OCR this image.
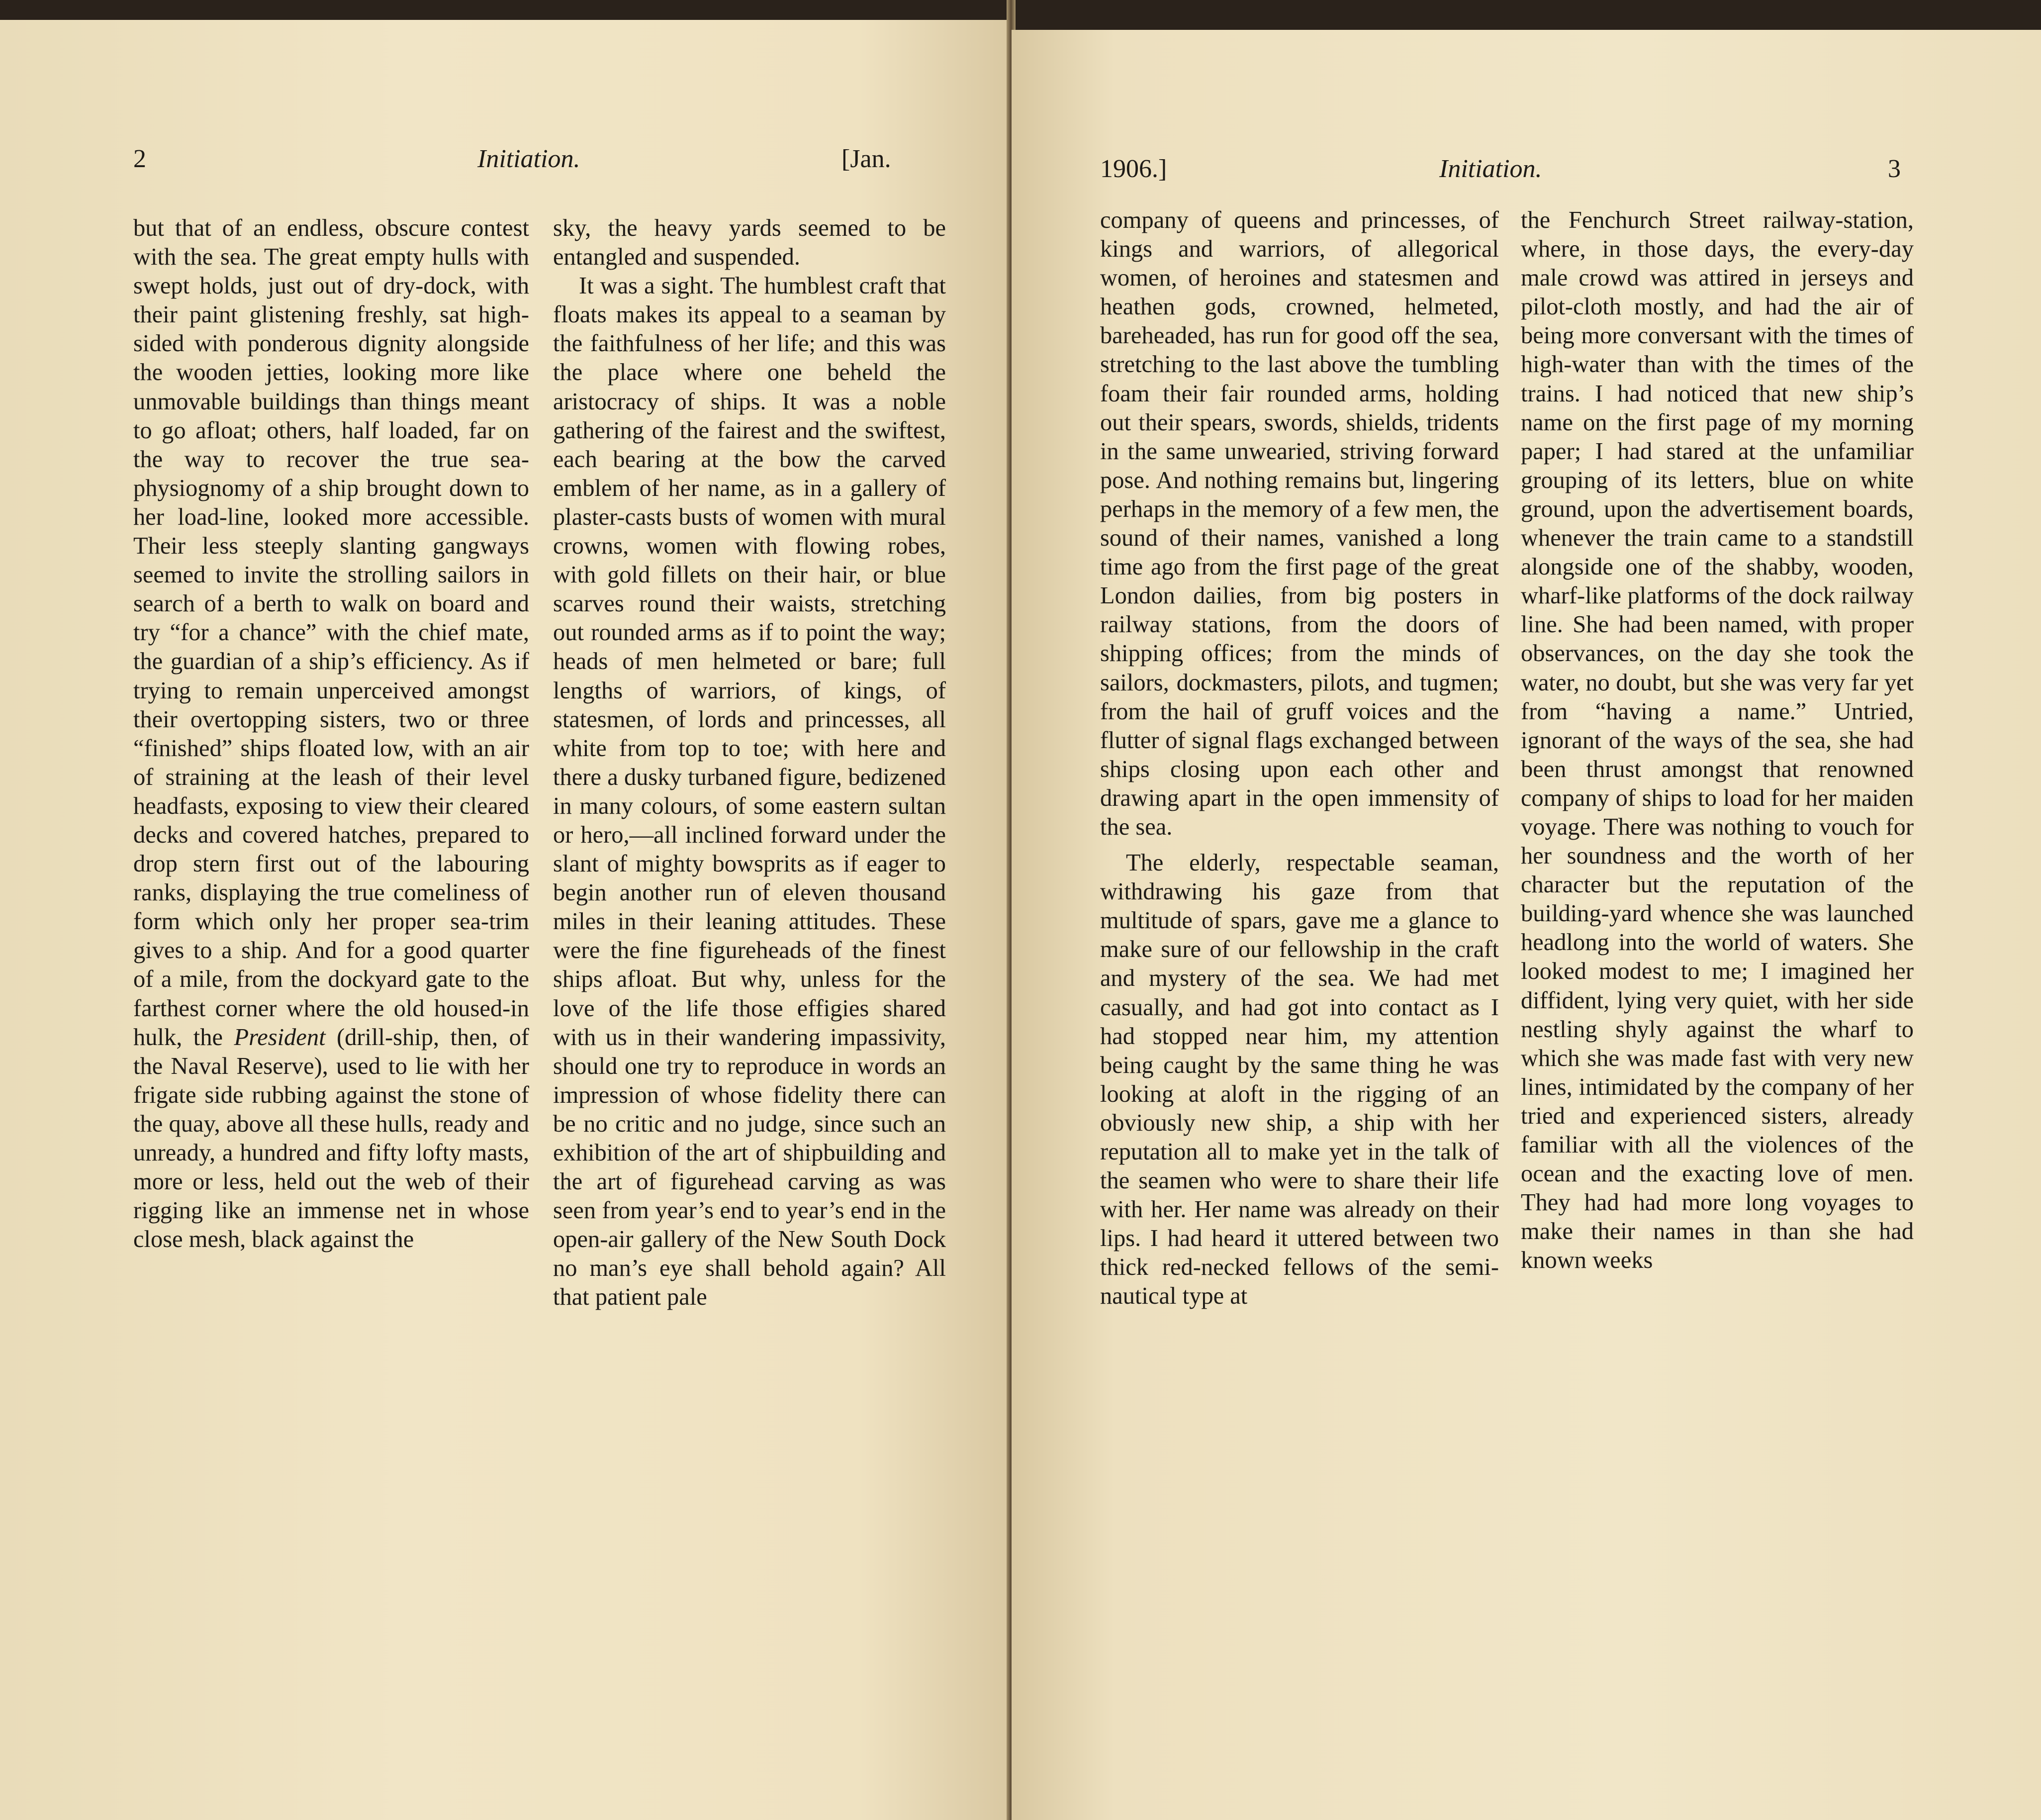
2	Initiation.	[Jan.

but that of an endless, obscure contest with the sea. The great empty hulls with swept holds, just out of dry-dock, with their paint glistening freshly, sat high-sided with ponderous dignity alongside the wooden jetties, looking more like unmovable buildings than things meant to go afloat; others, half loaded, far on the way to recover the true sea-physiognomy of a ship brought down to her load-line, looked more accessible. Their less steeply slanting gangways seemed to invite the strolling sailors in search of a berth to walk on board and try “for a chance” with the chief mate, the guardian of a ship’s efficiency. As if trying to remain unperceived amongst their overtopping sisters, two or three “finished” ships floated low, with an air of straining at the leash of their level headfasts, exposing to view their cleared decks and covered hatches, prepared to drop stern first out of the labouring ranks, displaying the true comeliness of form which only her proper sea-trim gives to a ship. And for a good quarter of a mile, from the dockyard gate to the farthest corner where the old housed-in hulk, the President (drill-ship, then, of the Naval Reserve), used to lie with her frigate side rubbing against the stone of the quay, above all these hulls, ready and unready, a hundred and fifty lofty masts, more or less, held out the web of their rigging like an immense net in whose close mesh, black against the

sky, the heavy yards seemed to be entangled and suspended.

It was a sight. The humblest craft that floats makes its appeal to a seaman by the faithfulness of her life; and this was the place where one beheld the aristocracy of ships. It was a noble gathering of the fairest and the swiftest, each bearing at the bow the carved emblem of her name, as in a gallery of plaster-casts busts of women with mural crowns, women with flowing robes, with gold fillets on their hair, or blue scarves round their waists, stretching out rounded arms as if to point the way; heads of men helmeted or bare; full lengths of warriors, of kings, of statesmen, of lords and princesses, all white from top to toe; with here and there a dusky turbaned figure, bedizened in many colours, of some eastern sultan or hero,—all inclined forward under the slant of mighty bowsprits as if eager to begin another run of eleven thousand miles in their leaning attitudes. These were the fine figureheads of the finest ships afloat. But why, unless for the love of the life those effigies shared with us in their wandering impassivity, should one try to reproduce in words an impression of whose fidelity there can be no critic and no judge, since such an exhibition of the art of shipbuilding and the art of figurehead carving as was seen from year’s end to year’s end in the open-air gallery of the New South Dock no man’s eye shall behold again? All that patient pale

1906.]	Initiation.	3

company of queens and princesses, of kings and warriors, of allegorical women, of heroines and statesmen and heathen gods, crowned, helmeted, bareheaded, has run for good off the sea, stretching to the last above the tumbling foam their fair rounded arms, holding out their spears, swords, shields, tridents in the same unwearied, striving forward pose. And nothing remains but, lingering perhaps in the memory of a few men, the sound of their names, vanished a long time ago from the first page of the great London dailies, from big posters in railway stations, from the doors of shipping offices; from the minds of sailors, dockmasters, pilots, and tugmen; from the hail of gruff voices and the flutter of signal flags exchanged between ships closing upon each other and drawing apart in the open immensity of the sea.

The elderly, respectable seaman, withdrawing his gaze from that multitude of spars, gave me a glance to make sure of our fellowship in the craft and mystery of the sea. We had met casually, and had got into contact as I had stopped near him, my attention being caught by the same thing he was looking at aloft in the rigging of an obviously new ship, a ship with her reputation all to make yet in the talk of the seamen who were to share their life with her. Her name was already on their lips. I had heard it uttered between two thick red-necked fellows of the semi-nautical type at

the Fenchurch Street railway-station, where, in those days, the every-day male crowd was attired in jerseys and pilot-cloth mostly, and had the air of being more conversant with the times of high-water than with the times of the trains. I had noticed that new ship’s name on the first page of my morning paper; I had stared at the unfamiliar grouping of its letters, blue on white ground, upon the advertisement boards, whenever the train came to a standstill alongside one of the shabby, wooden, wharf-like platforms of the dock railway line. She had been named, with proper observances, on the day she took the water, no doubt, but she was very far yet from “having a name.” Untried, ignorant of the ways of the sea, she had been thrust amongst that renowned company of ships to load for her maiden voyage. There was nothing to vouch for her soundness and the worth of her character but the reputation of the building-yard whence she was launched headlong into the world of waters. She looked modest to me; I imagined her diffident, lying very quiet, with her side nestling shyly against the wharf to which she was made fast with very new lines, intimidated by the company of her tried and experienced sisters, already familiar with all the violences of the ocean and the exacting love of men. They had had more long voyages to make their names in than she had known weeks
